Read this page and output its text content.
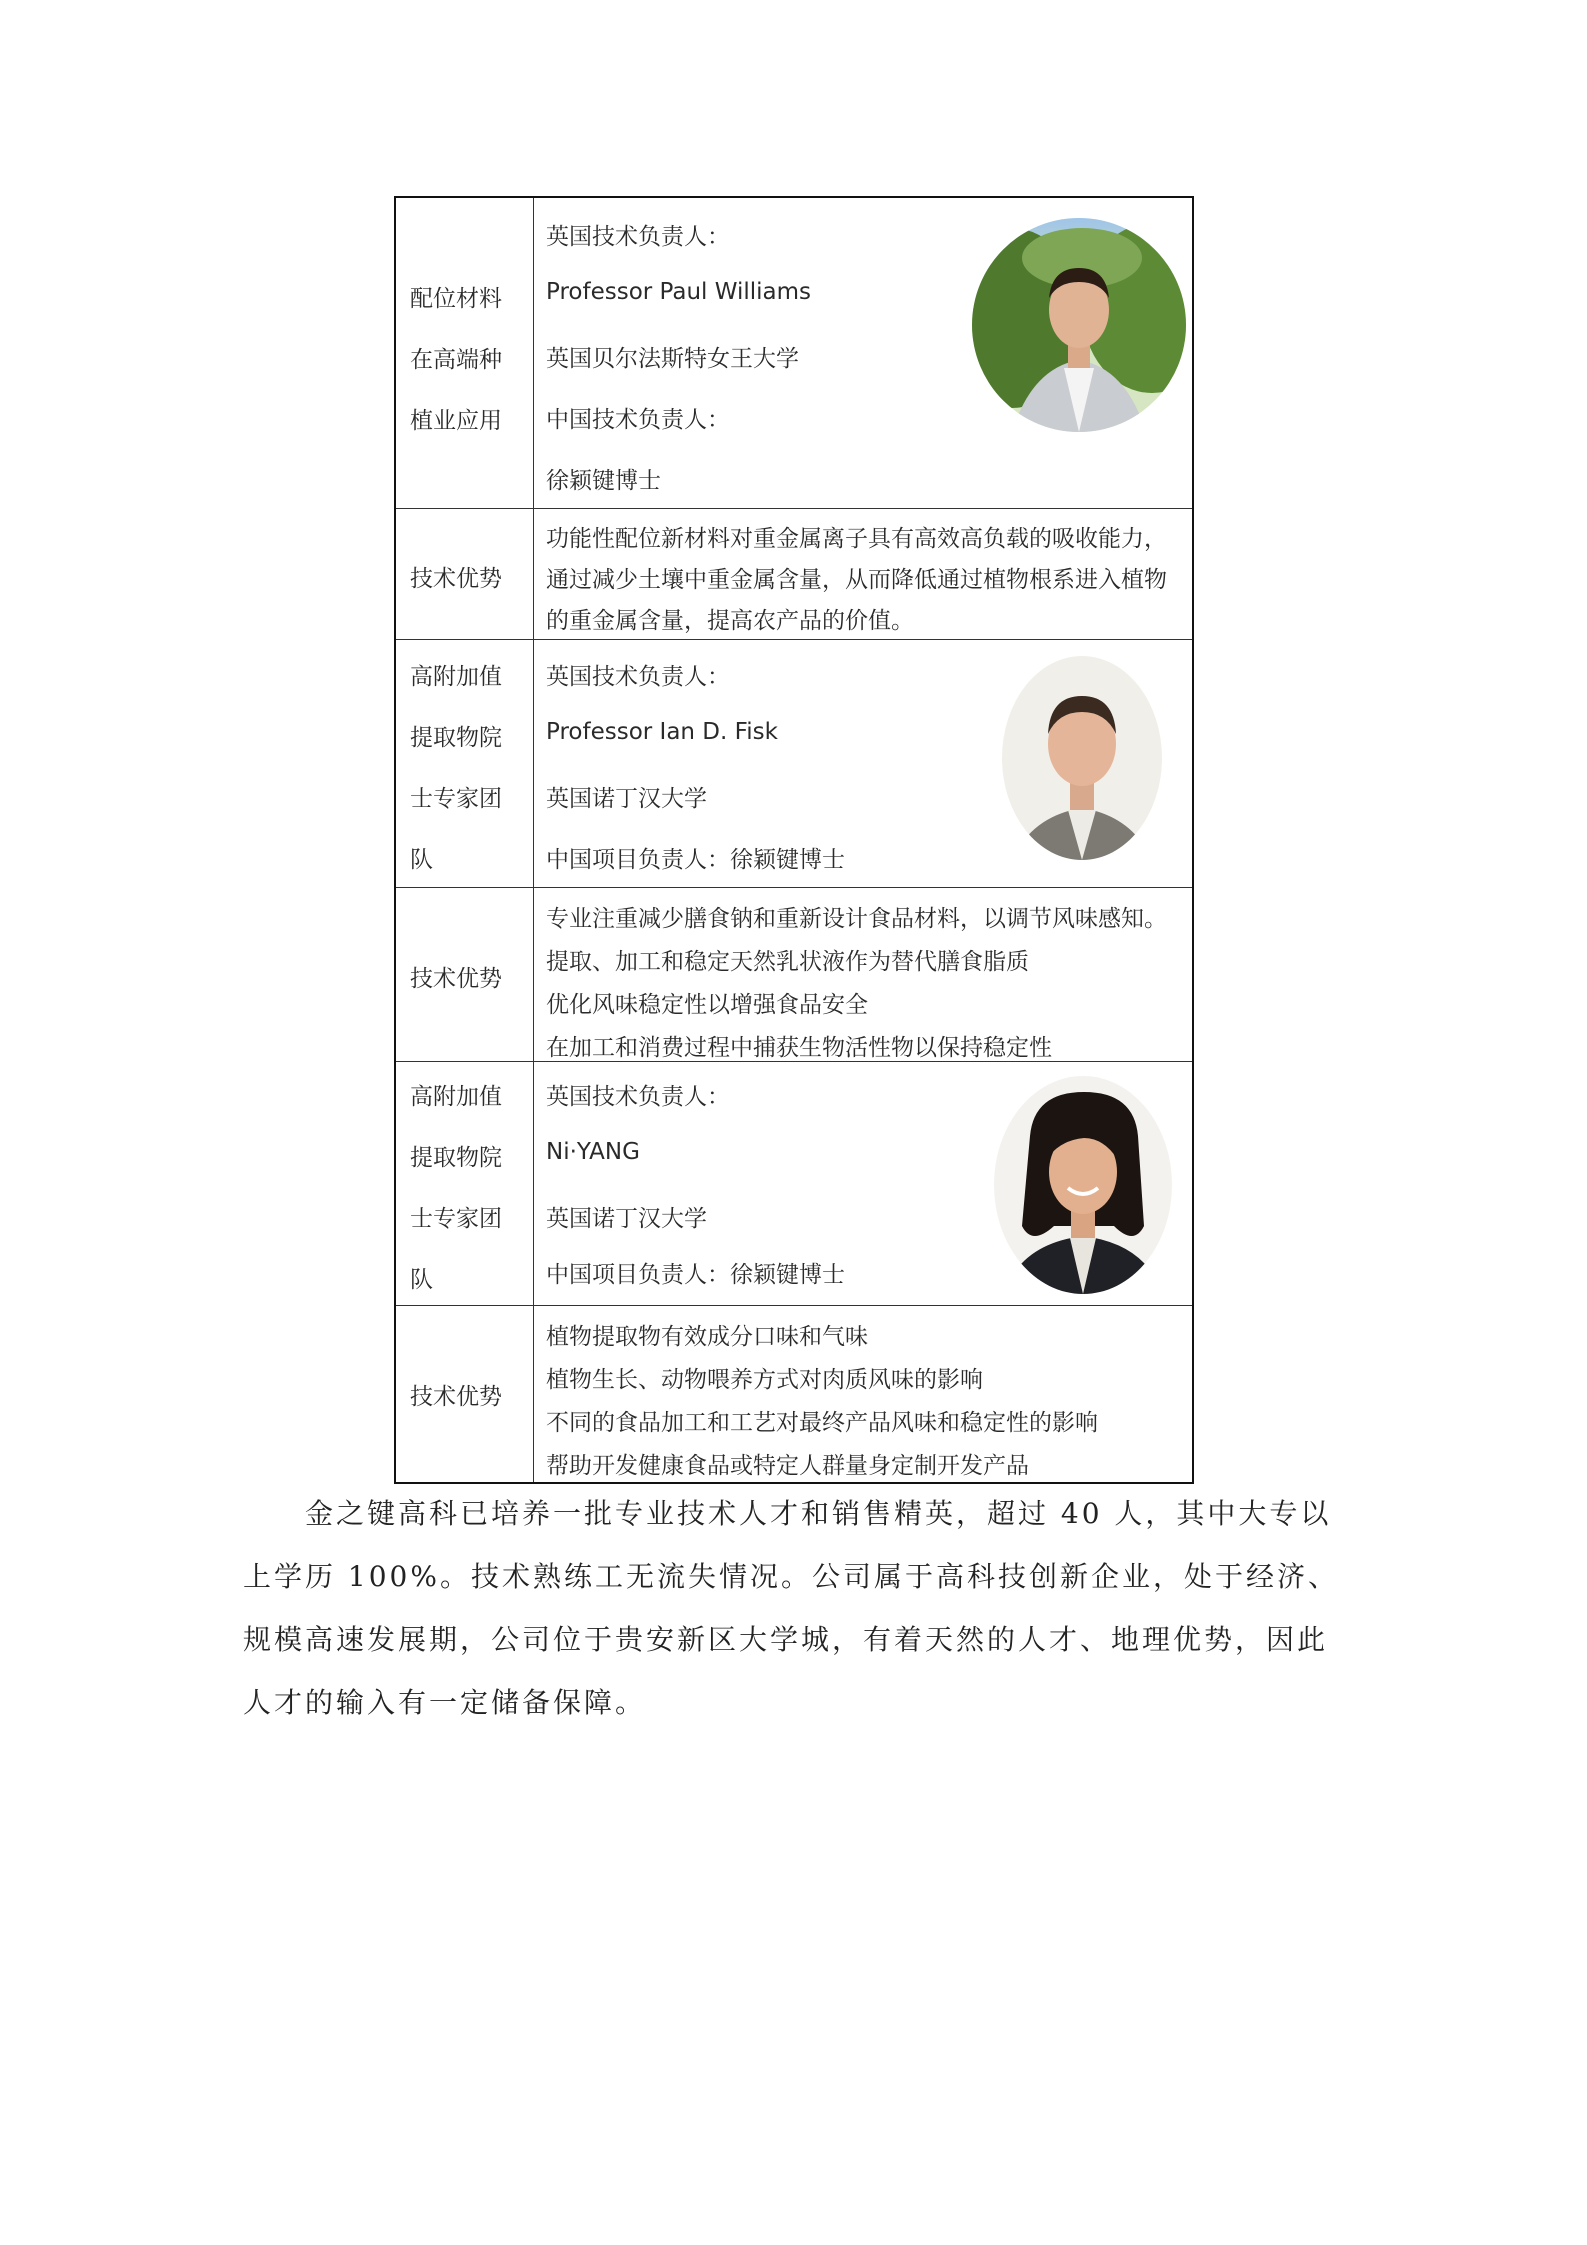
配位材料
在高端种
植业应用
英国技术负责人：
Professor Paul Williams
英国贝尔法斯特女王大学
中国技术负责人：
徐颖键博士
技术优势
功能性配位新材料对重金属离子具有高效高负载的吸收能力，
通过减少土壤中重金属含量，从而降低通过植物根系进入植物
的重金属含量，提高农产品的价值。
高附加值
提取物院
士专家团
队
英国技术负责人：
Professor Ian D. Fisk
英国诺丁汉大学
中国项目负责人：徐颖键博士
技术优势
专业注重减少膳食钠和重新设计食品材料，以调节风味感知。
提取、加工和稳定天然乳状液作为替代膳食脂质
优化风味稳定性以增强食品安全
在加工和消费过程中捕获生物活性物以保持稳定性
高附加值
提取物院
士专家团
队
英国技术负责人：
Ni·YANG
英国诺丁汉大学
中国项目负责人：徐颖键博士
技术优势
植物提取物有效成分口味和气味
植物生长、动物喂养方式对肉质风味的影响
不同的食品加工和工艺对最终产品风味和稳定性的影响
帮助开发健康食品或特定人群量身定制开发产品
金之键高科已培养一批专业技术人才和销售精英，超过 40 人，其中大专以
上学历 100%。技术熟练工无流失情况。公司属于高科技创新企业，处于经济、
规模高速发展期，公司位于贵安新区大学城，有着天然的人才、地理优势，因此
人才的输入有一定储备保障。
